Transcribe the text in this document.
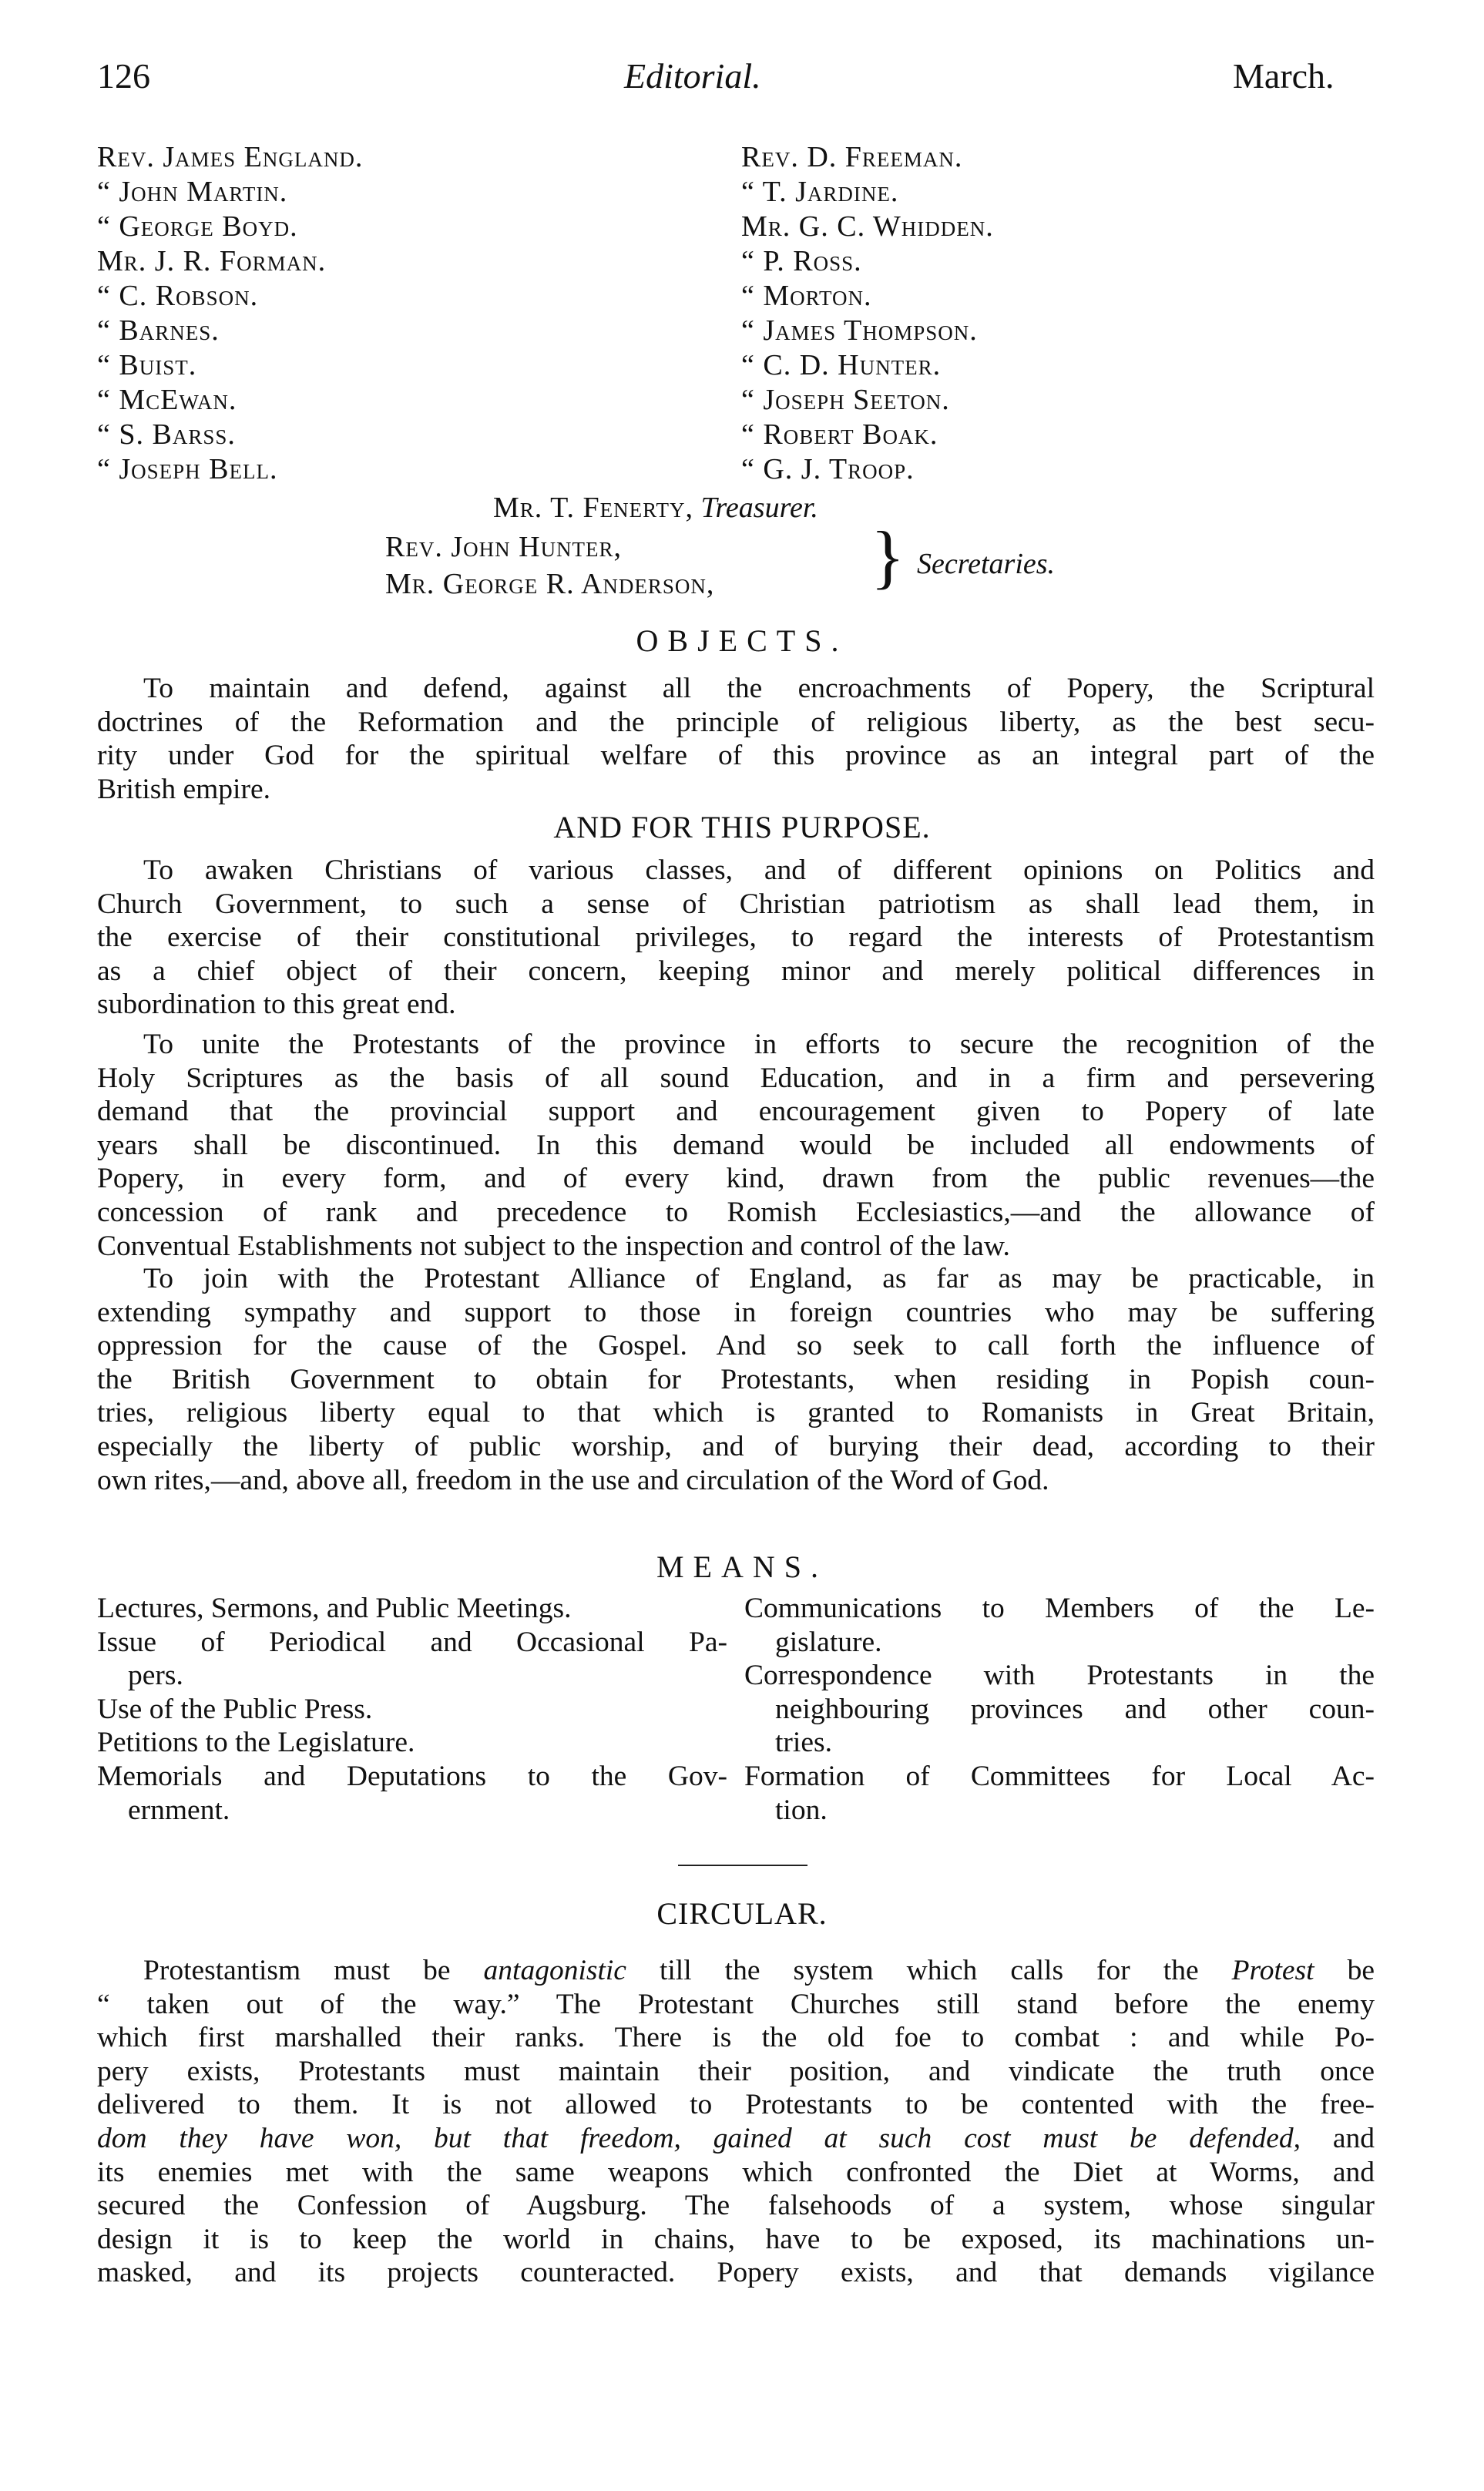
126	Editorial.	March.
Rev. James England.
“ John Martin.
“ George Boyd.
Mr. J. R. Forman.
“ C. Robson.
“ Barnes.
“ Buist.
“ McEwan.
“ S. Barss.
“ Joseph Bell.
Rev. D. Freeman.
“ T. Jardine.
Mr. G. C. Whidden.
“ P. Ross.
“ Morton.
“ James Thompson.
“ C. D. Hunter.
“ Joseph Seeton.
“ Robert Boak.
“ G. J. Troop.
Mr. T. Fenerty, Treasurer.
Rev. John Hunter,
Mr. George R. Anderson, } Secretaries.
OBJECTS.
To maintain and defend, against all the encroachments of Popery, the Scriptural
doctrines of the Reformation and the principle of religious liberty, as the best secu-
rity under God for the spiritual welfare of this province as an integral part of the
British empire.
AND FOR THIS PURPOSE.
To awaken Christians of various classes, and of different opinions on Politics and
Church Government, to such a sense of Christian patriotism as shall lead them, in
the exercise of their constitutional privileges, to regard the interests of Protestantism
as a chief object of their concern, keeping minor and merely political differences in
subordination to this great end.
To unite the Protestants of the province in efforts to secure the recognition of the
Holy Scriptures as the basis of all sound Education, and in a firm and persevering
demand that the provincial support and encouragement given to Popery of late
years shall be discontinued. In this demand would be included all endowments of
Popery, in every form, and of every kind, drawn from the public revenues—the
concession of rank and precedence to Romish Ecclesiastics,—and the allowance of
Conventual Establishments not subject to the inspection and control of the law.
To join with the Protestant Alliance of England, as far as may be practicable, in
extending sympathy and support to those in foreign countries who may be suffering
oppression for the cause of the Gospel. And so seek to call forth the influence of
the British Government to obtain for Protestants, when residing in Popish coun-
tries, religious liberty equal to that which is granted to Romanists in Great Britain,
especially the liberty of public worship, and of burying their dead, according to their
own rites,—and, above all, freedom in the use and circulation of the Word of God.
MEANS.
Lectures, Sermons, and Public Meetings.
Issue of Periodical and Occasional Pa-
pers.
Use of the Public Press.
Petitions to the Legislature.
Memorials and Deputations to the Gov-
ernment.
Communications to Members of the Le-
gislature.
Correspondence with Protestants in the
neighbouring provinces and other coun-
tries.
Formation of Committees for Local Ac-
tion.
CIRCULAR.
Protestantism must be antagonistic till the system which calls for the Protest be
“ taken out of the way.” The Protestant Churches still stand before the enemy
which first marshalled their ranks. There is the old foe to combat : and while Po-
pery exists, Protestants must maintain their position, and vindicate the truth once
delivered to them. It is not allowed to Protestants to be contented with the free-
dom they have won, but that freedom, gained at such cost must be defended, and
its enemies met with the same weapons which confronted the Diet at Worms, and
secured the Confession of Augsburg. The falsehoods of a system, whose singular
design it is to keep the world in chains, have to be exposed, its machinations un-
masked, and its projects counteracted. Popery exists, and that demands vigilance
